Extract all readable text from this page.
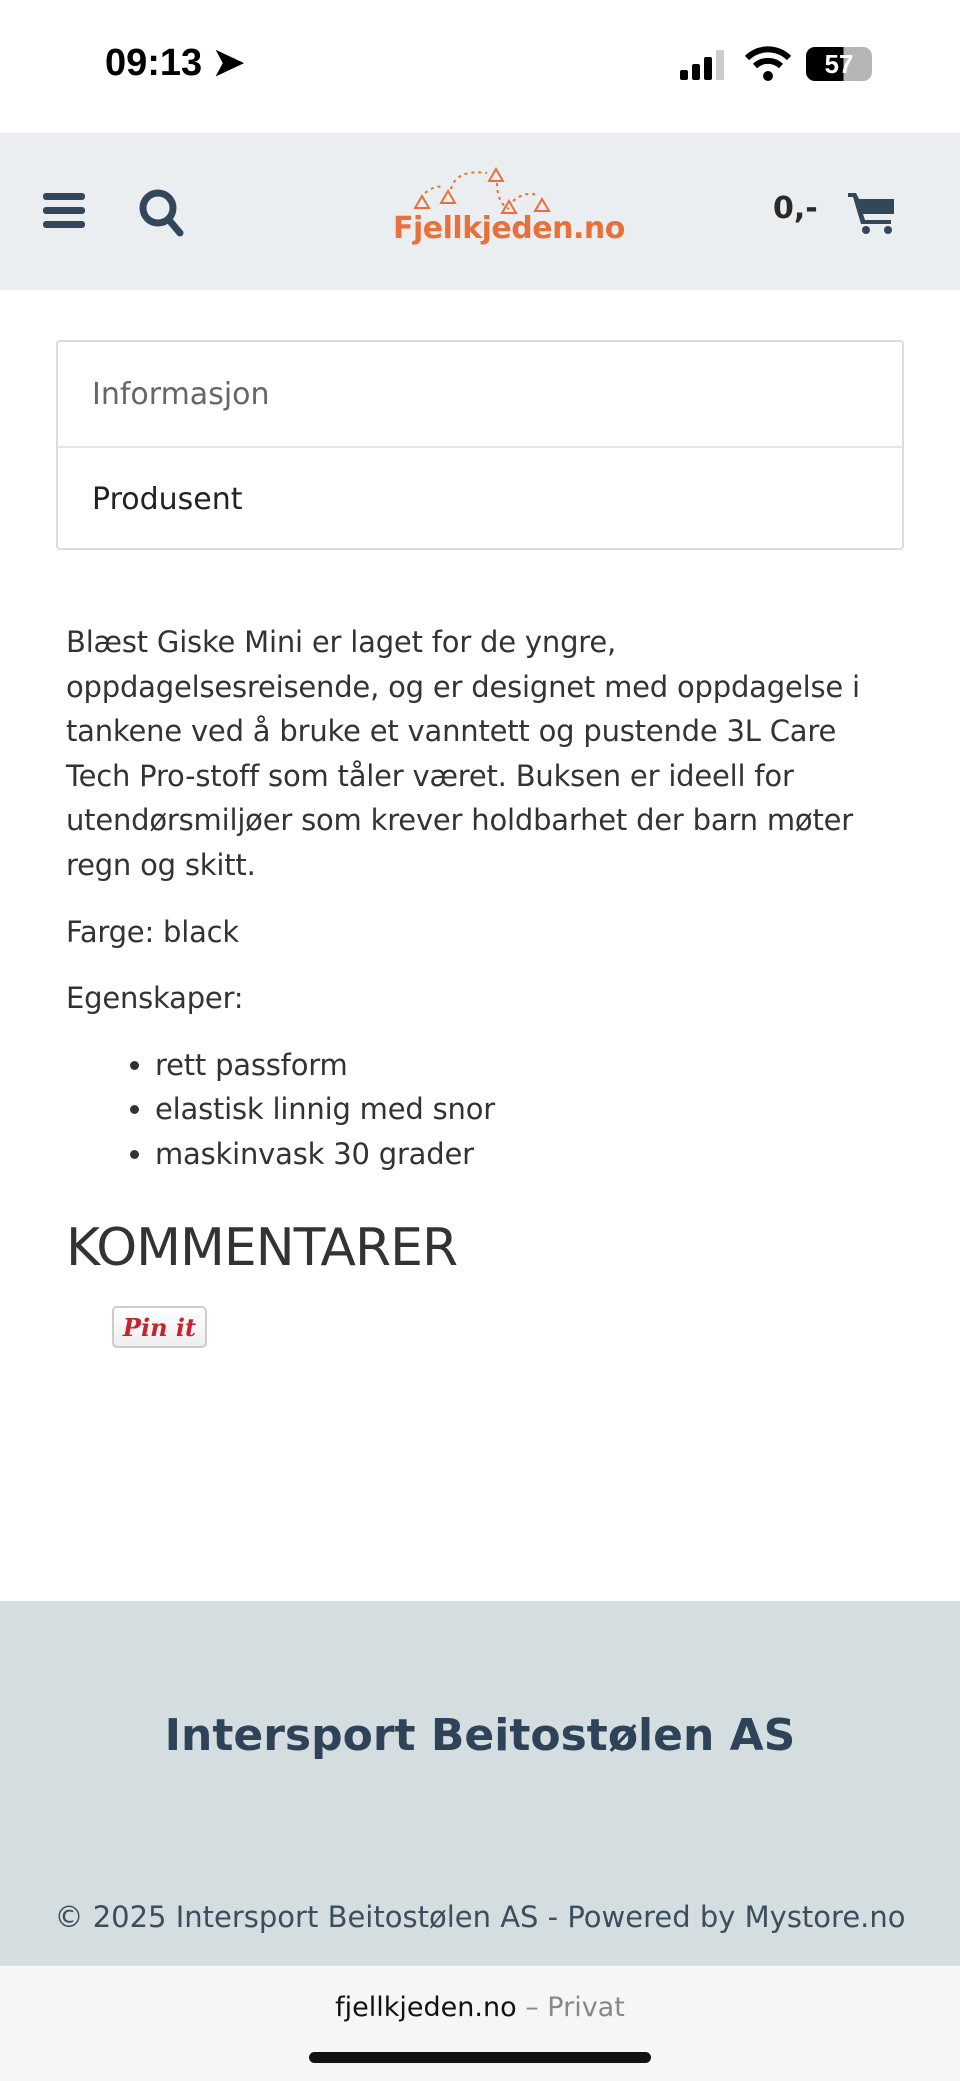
09:13 ➤	57
Fjellkjeden.no
0,-
Informasjon
Produsent

Blæst Giske Mini er laget for de yngre, oppdagelsesreisende, og er designet med oppdagelse i tankene ved å bruke et vanntett og pustende 3L Care Tech Pro-stoff som tåler været. Buksen er ideell for utendørsmiljøer som krever holdbarhet der barn møter regn og skitt.

Farge: black

Egenskaper:

• rett passform
• elastisk linnig med snor
• maskinvask 30 grader
KOMMENTARER
Pin it
Intersport Beitostølen AS
© 2025 Intersport Beitostølen AS - Powered by Mystore.no
fjellkjeden.no – Privat
